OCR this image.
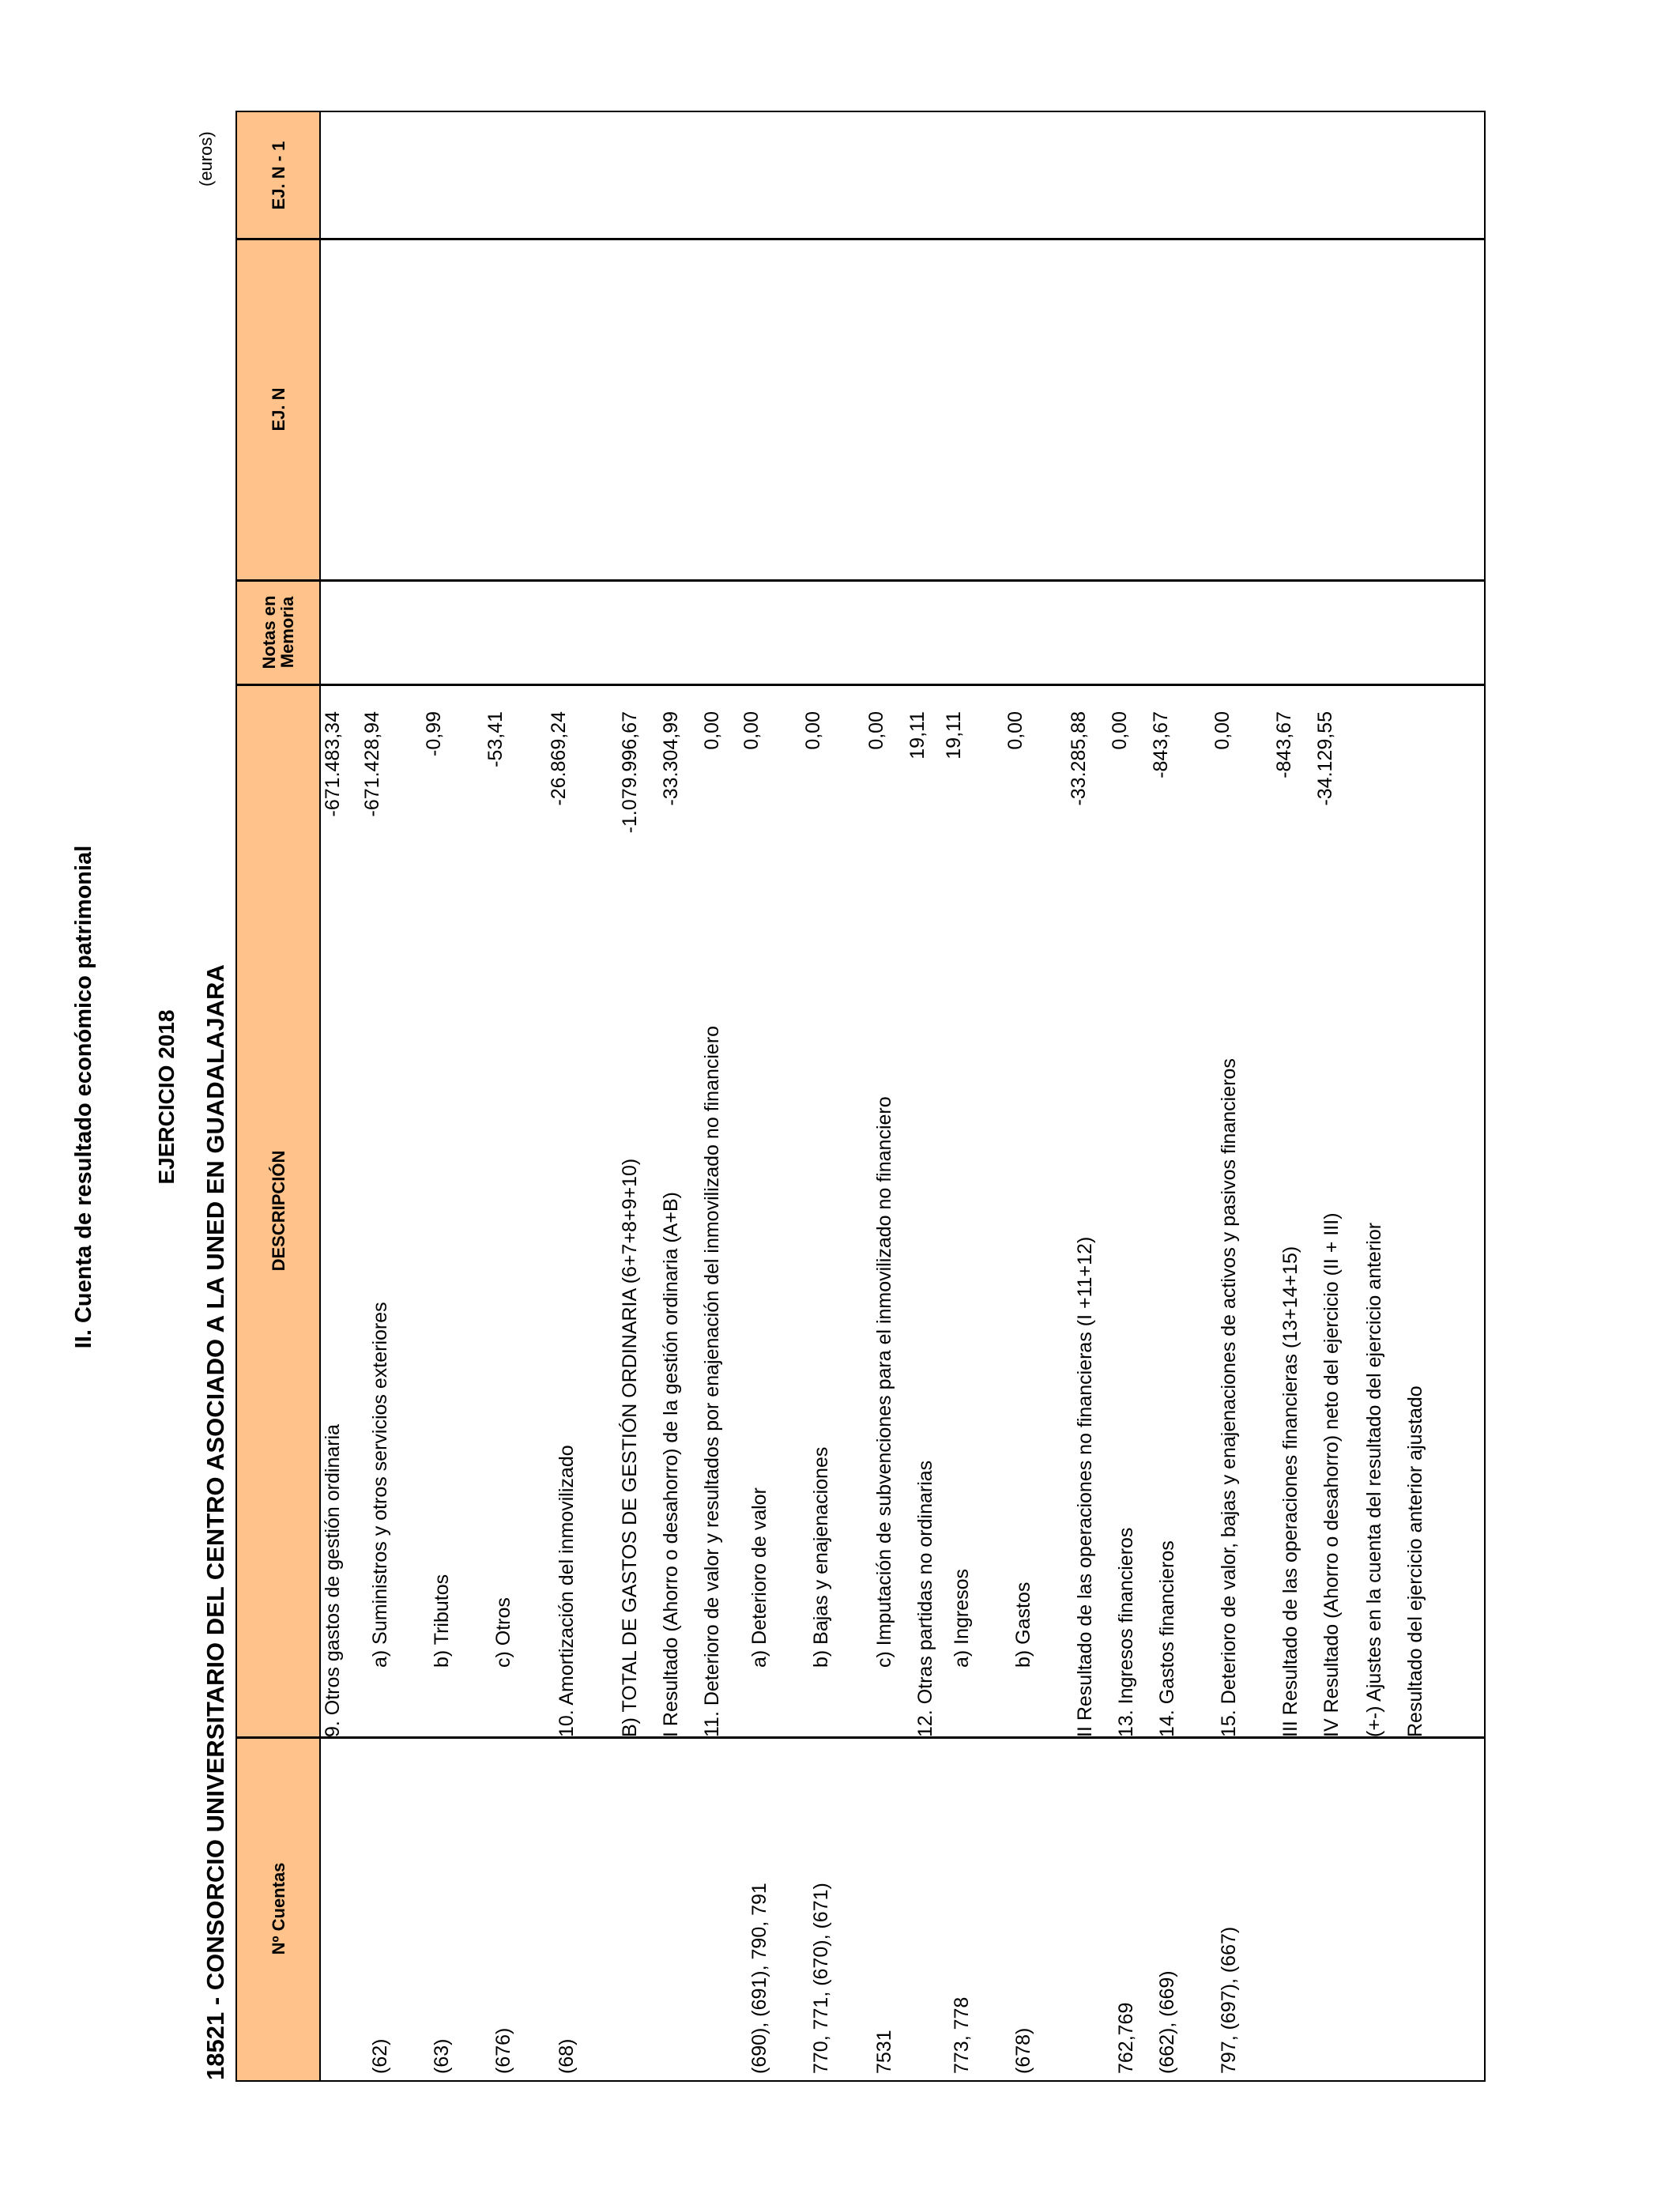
II. Cuenta de resultado económico patrimonial	EJERCICIO 2018 18521 - CONSORCIO UNIVERSITARIO DEL CENTRO ASOCIADO A LA UNED EN GUADALAJARA
(euros)
Nº Cuentas
DESCRIPCIÓN
Notas en
Memoria
EJ. N
EJ. N - 1
9. Otros gastos de gestión ordinaria
-671.483,34
(62)
a) Suministros y otros servicios exteriores
-671.428,94
(63)
b) Tributos
-0,99
(676)
c) Otros
-53,41
(68)
10. Amortización del inmovilizado
-26.869,24
B) TOTAL DE GASTOS DE GESTIÓN ORDINARIA (6+7+8+9+10)
-1.079.996,67
I Resultado (Ahorro o desahorro) de la gestión ordinaria (A+B)
-33.304,99
11. Deterioro de valor y resultados por enajenación del inmovilizado no financiero
0,00
(690), (691), 790, 791
a) Deterioro de valor
0,00
770, 771, (670), (671)
b) Bajas y enajenaciones
0,00
7531
c) Imputación de subvenciones para el inmovilizado no financiero
0,00
12. Otras partidas no ordinarias
19,11
773, 778
a) Ingresos
19,11
(678)
b) Gastos
0,00
II Resultado de las operaciones no financieras (I +11+12)
-33.285,88
762,769
13. Ingresos financieros
0,00
(662), (669)
14. Gastos financieros
-843,67
797, (697), (667)
15. Deterioro de valor, bajas y enajenaciones de activos y pasivos financieros
0,00
III Resultado de las operaciones financieras (13+14+15)
-843,67
IV Resultado (Ahorro o desahorro) neto del ejercicio (II + III)
-34.129,55
(+-) Ajustes en la cuenta del resultado del ejercicio anterior Resultado del ejercicio anterior ajustado
